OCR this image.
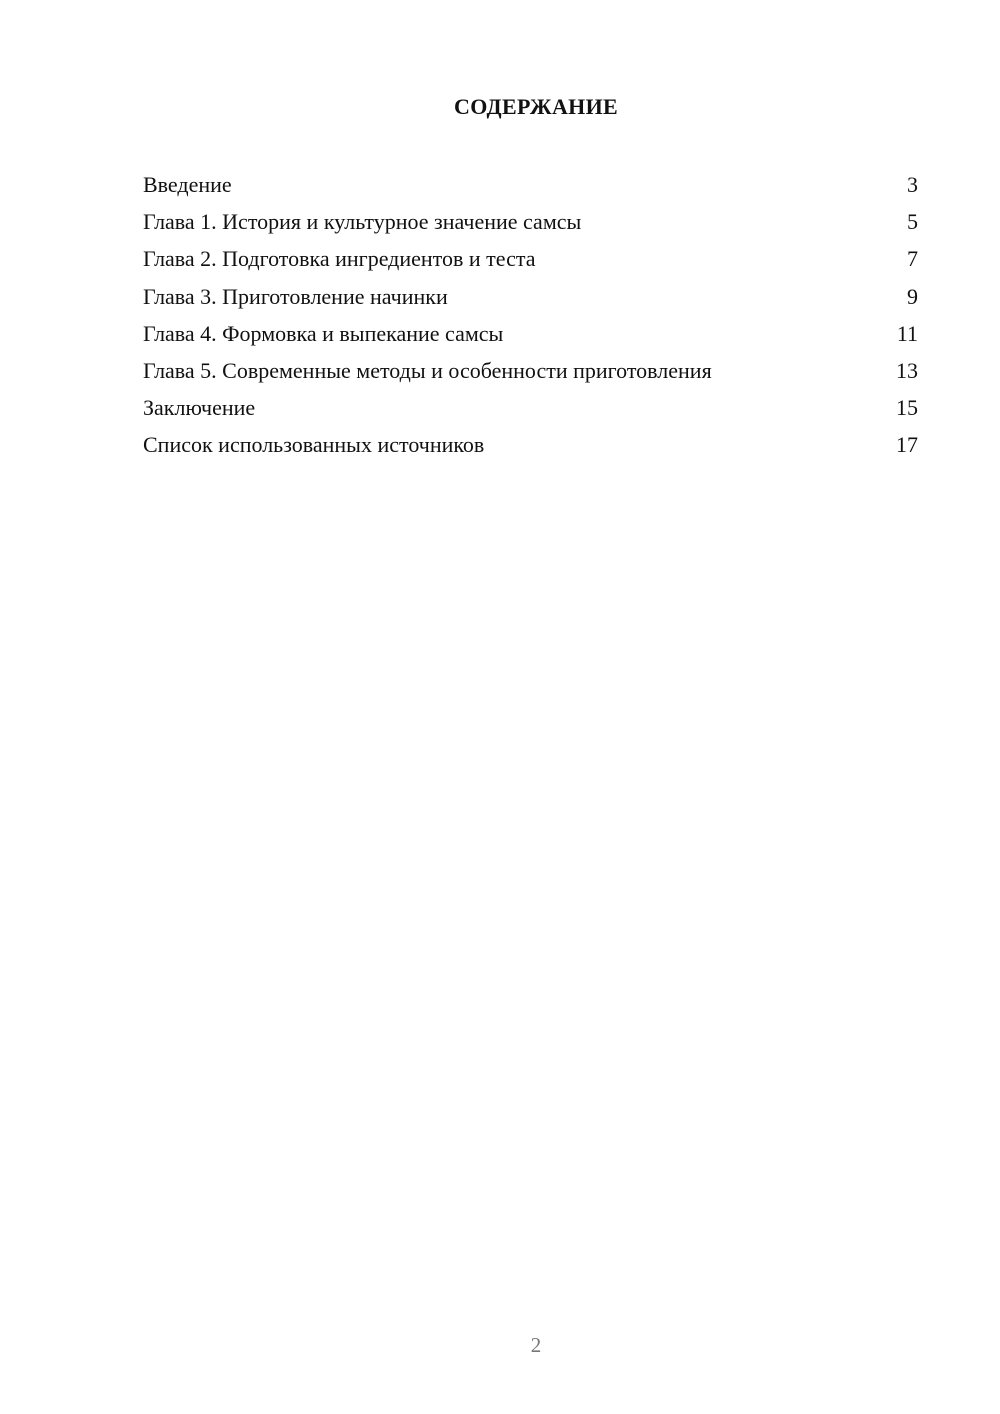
СОДЕРЖАНИЕ
Введение	3
Глава 1. История и культурное значение самсы	5
Глава 2. Подготовка ингредиентов и теста	7
Глава 3. Приготовление начинки	9
Глава 4. Формовка и выпекание самсы	11
Глава 5. Современные методы и особенности приготовления	13
Заключение	15
Список использованных источников	17
2
